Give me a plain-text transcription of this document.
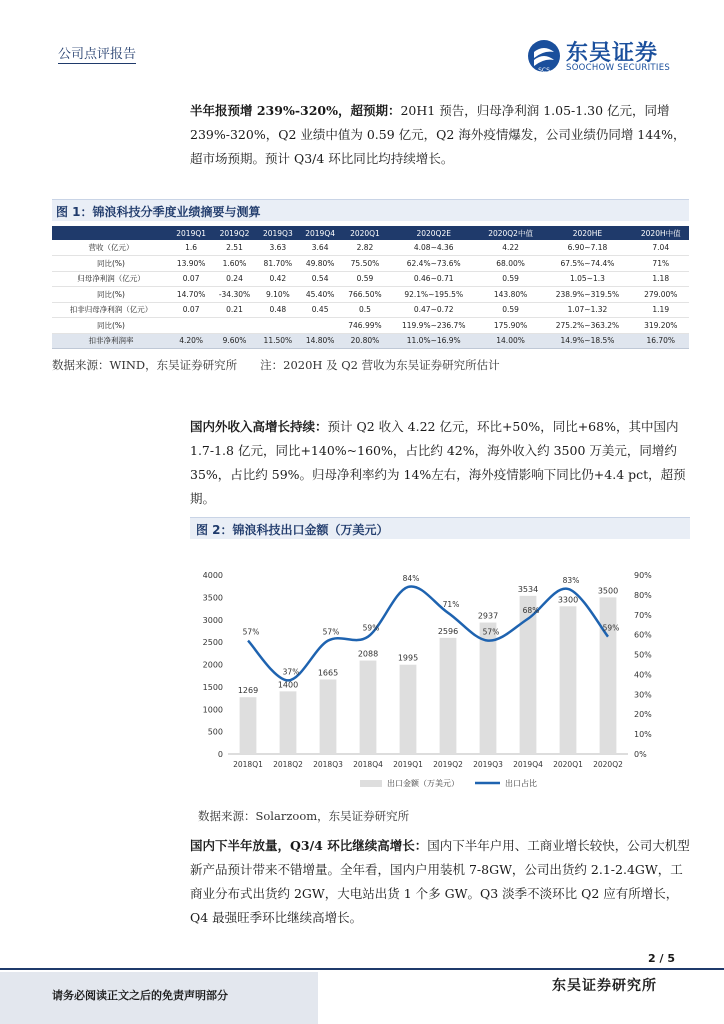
公司点评报告
SCS
东吴证券
SOOCHOW SECURITIES
半年报预增 239%-320%，超预期：20H1 预告，归母净利润 1.05-1.30 亿元，同增 239%-320%，Q2 业绩中值为 0.59 亿元，Q2 海外疫情爆发，公司业绩仍同增 144%，超市场预期。预计 Q3/4 环比同比均持续增长。
图 1：锦浪科技分季度业绩摘要与测算
	2019Q1	2019Q2	2019Q3	2019Q4	2020Q1	2020Q2E	2020Q2中值	2020HE	2020H中值
营收（亿元）	1.6	2.51	3.63	3.64	2.82	4.08~4.36	4.22	6.90~7.18	7.04
同比(%)	13.90%	1.60%	81.70%	49.80%	75.50%	62.4%~73.6%	68.00%	67.5%~74.4%	71%
归母净利润（亿元）	0.07	0.24	0.42	0.54	0.59	0.46~0.71	0.59	1.05~1.3	1.18
同比(%)	14.70%	-34.30%	9.10%	45.40%	766.50%	92.1%~195.5%	143.80%	238.9%~319.5%	279.00%
扣非归母净利润（亿元）	0.07	0.21	0.48	0.45	0.5	0.47~0.72	0.59	1.07~1.32	1.19
同比(%)					746.99%	119.9%~236.7%	175.90%	275.2%~363.2%	319.20%
扣非净利润率	4.20%	9.60%	11.50%	14.80%	20.80%	11.0%~16.9%	14.00%	14.9%~18.5%	16.70%
数据来源：WIND，东吴证券研究所　　注：2020H 及 Q2 营收为东吴证券研究所估计
国内外收入高增长持续：预计 Q2 收入 4.22 亿元，环比+50%，同比+68%，其中国内 1.7-1.8 亿元，同比+140%~160%，占比约 42%，海外收入约 3500 万美元，同增约 35%，占比约 59%。归母净利率约为 14%左右，海外疫情影响下同比仍+4.4 pct，超预期。
图 2：锦浪科技出口金额（万美元）
0
500
1000
1500
2000
2500
3000
3500
4000
0%
10%
20%
30%
40%
50%
60%
70%
80%
90%
1269
2018Q1
1400
2018Q2
1665
2018Q3
2088
2018Q4
1995
2019Q1
2596
2019Q2
2937
2019Q3
3534
2019Q4
3300
2020Q1
3500
2020Q2
57%
37%
57%	59%
84%
71%
57%
68%
83%
59%
出口金额（万美元）	出口占比
数据来源：Solarzoom，东吴证券研究所
国内下半年放量，Q3/4 环比继续高增长：国内下半年户用、工商业增长较快，公司大机型新产品预计带来不错增量。全年看，国内户用装机 7-8GW，公司出货约 2.1-2.4GW，工商业分布式出货约 2GW，大电站出货 1 个多 GW。Q3 淡季不淡环比 Q2 应有所增长，Q4 最强旺季环比继续高增长。
2 / 5
请务必阅读正文之后的免责声明部分
东吴证券研究所
